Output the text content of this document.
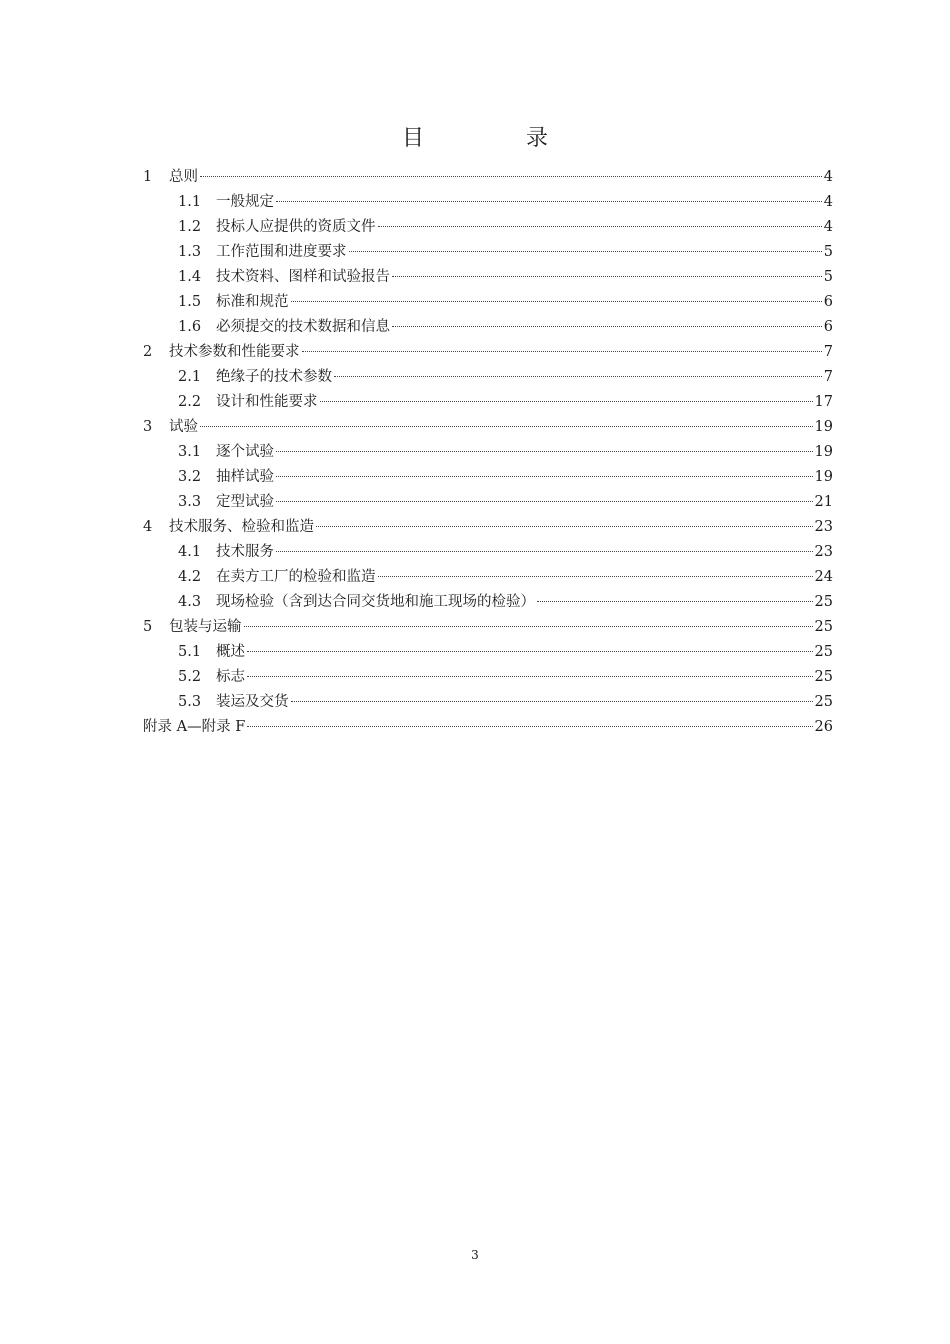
目　录
1	总则	4
1.1	一般规定	4
1.2	投标人应提供的资质文件	4
1.3	工作范围和进度要求	5
1.4	技术资料、图样和试验报告	5
1.5	标准和规范	6
1.6	必须提交的技术数据和信息	6
2	技术参数和性能要求	7
2.1	绝缘子的技术参数	7
2.2	设计和性能要求	17
3	试验	19
3.1	逐个试验	19
3.2	抽样试验	19
3.3	定型试验	21
4	技术服务、检验和监造	23
4.1	技术服务	23
4.2	在卖方工厂的检验和监造	24
4.3	现场检验（含到达合同交货地和施工现场的检验）	25
5	包装与运输	25
5.1	概述	25
5.2	标志	25
5.3	装运及交货	25
附录 A—附录 F	26
3
